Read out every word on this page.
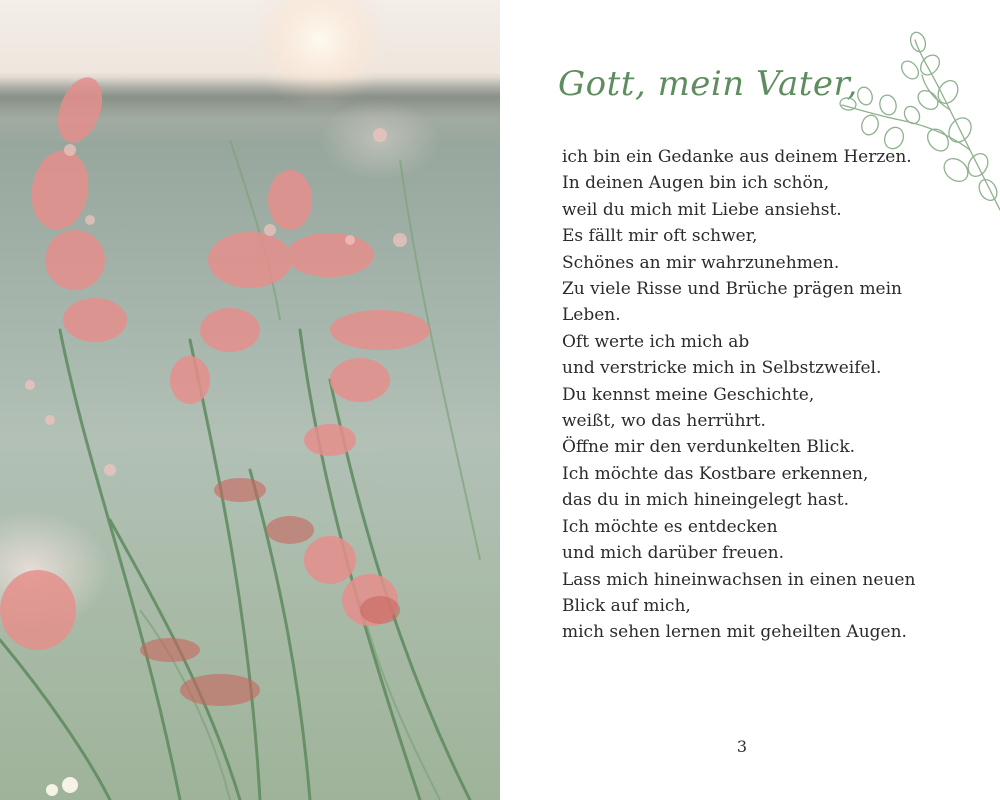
Gott, mein Vater,
ich bin ein Gedanke aus deinem Herzen.
In deinen Augen bin ich schön,
weil du mich mit Liebe ansiehst.
Es fällt mir oft schwer,
Schönes an mir wahrzunehmen.
Zu viele Risse und Brüche prägen mein
Leben.
Oft werte ich mich ab
und verstricke mich in Selbstzweifel.
Du kennst meine Geschichte,
weißt, wo das herrührt.
Öffne mir den verdunkelten Blick.
Ich möchte das Kostbare erkennen,
das du in mich hineingelegt hast.
Ich möchte es entdecken
und mich darüber freuen.
Lass mich hineinwachsen in einen neuen
Blick auf mich,
mich sehen lernen mit geheilten Augen.
3
